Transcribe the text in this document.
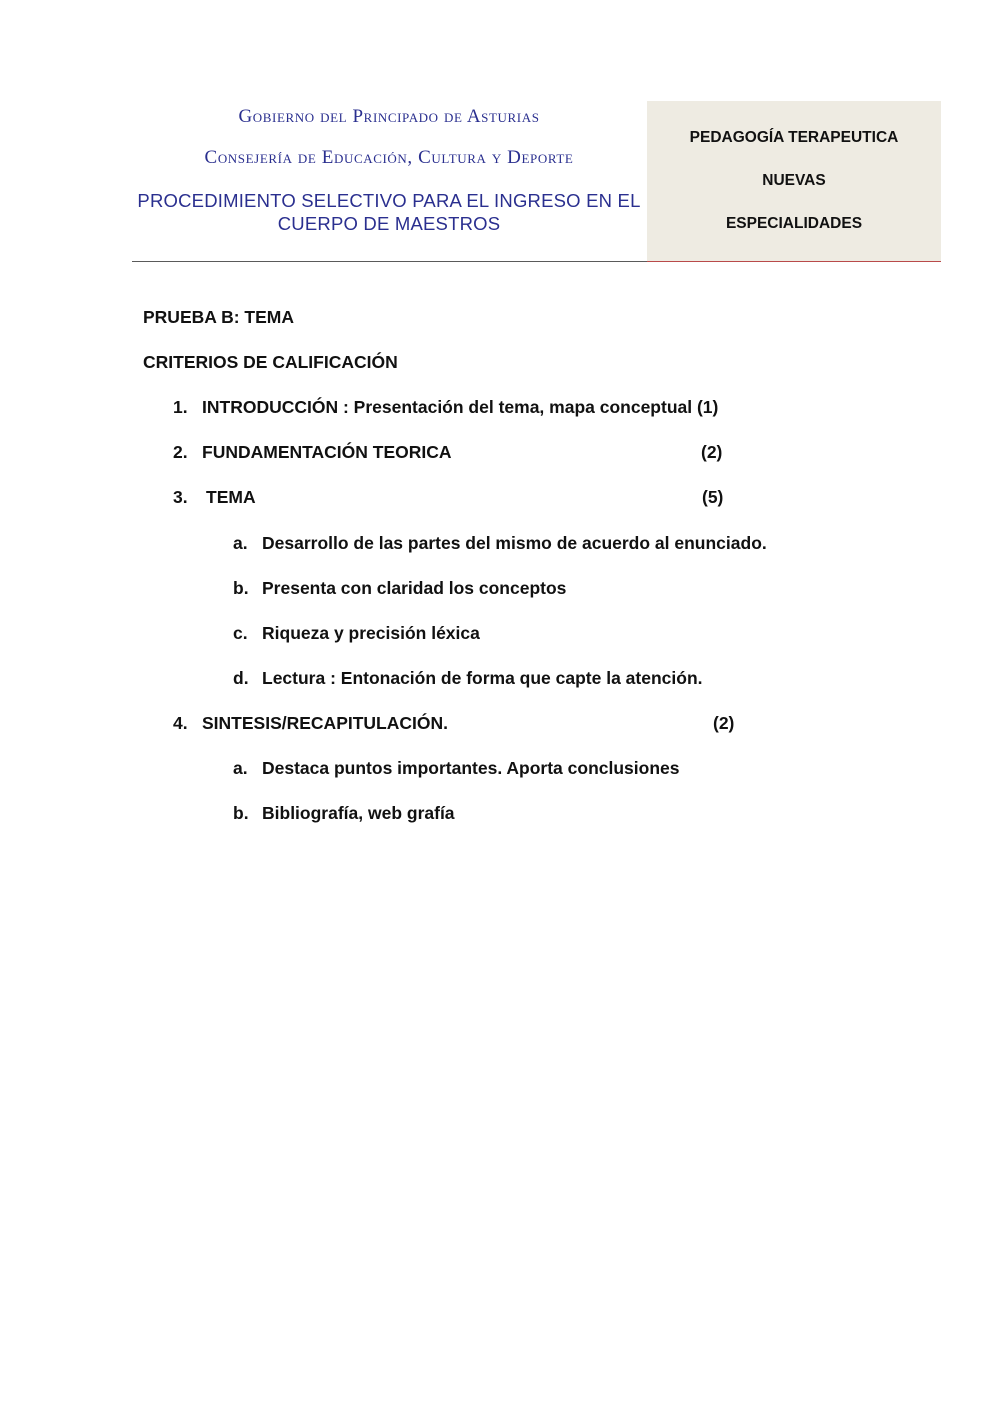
Gobierno del Principado de Asturias
Consejería de Educación, Cultura y Deporte
PROCEDIMIENTO SELECTIVO PARA EL INGRESO EN EL
CUERPO DE MAESTROS
PEDAGOGÍA TERAPEUTICA
NUEVAS
ESPECIALIDADES
PRUEBA B: TEMA
CRITERIOS DE CALIFICACIÓN
1. INTRODUCCIÓN : Presentación del tema, mapa conceptual (1)
2. FUNDAMENTACIÓN TEORICA	(2)
3. TEMA	(5)
a. Desarrollo de las partes del mismo de acuerdo al enunciado.
b. Presenta con claridad los conceptos
c. Riqueza y precisión léxica
d. Lectura : Entonación de forma que capte la atención.
4. SINTESIS/RECAPITULACIÓN.	(2)
a. Destaca puntos importantes. Aporta conclusiones
b. Bibliografía, web grafía
